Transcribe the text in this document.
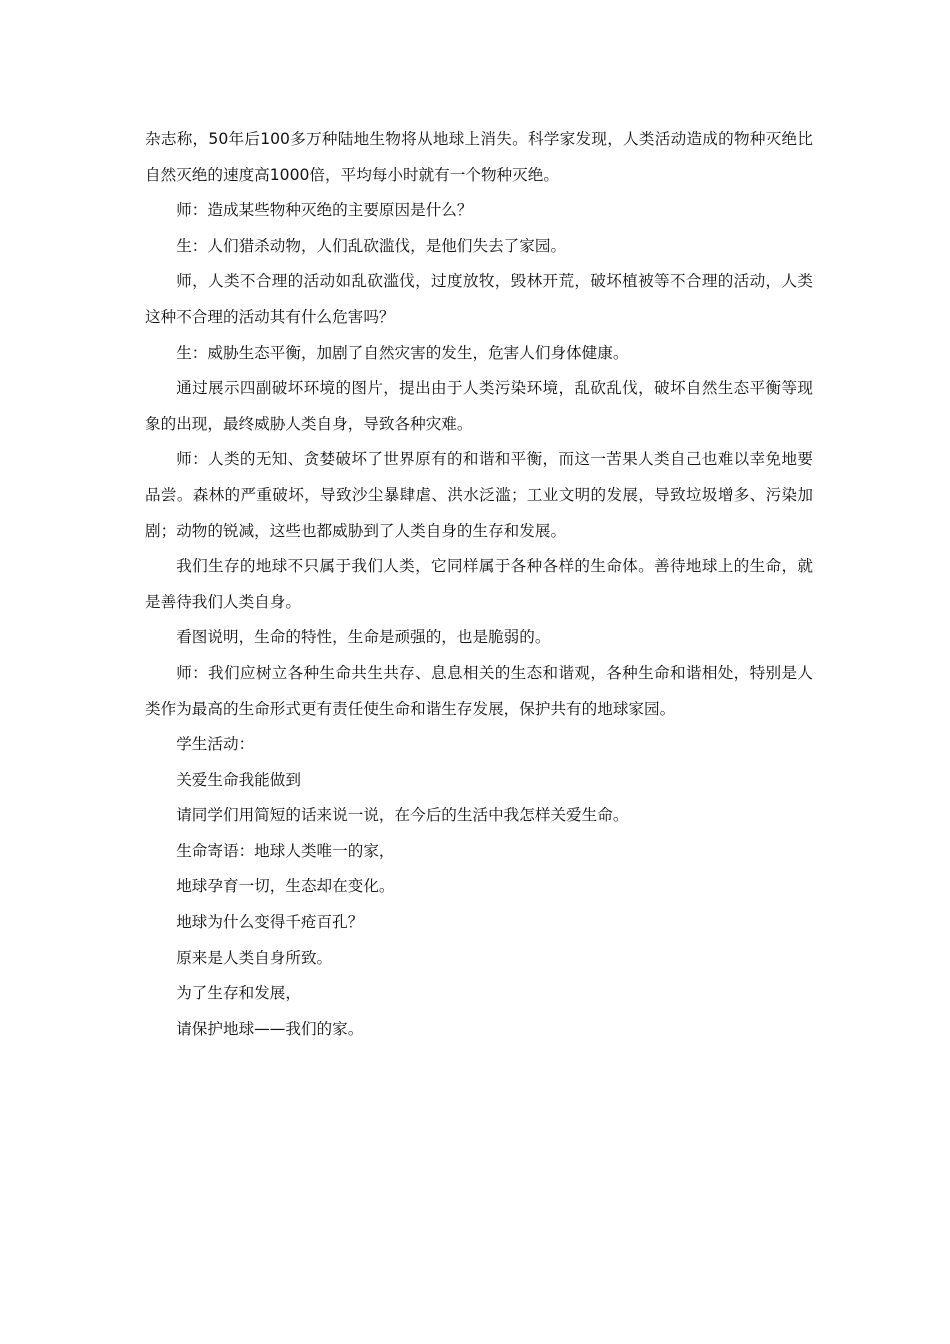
杂志称，50年后100多万种陆地生物将从地球上消失。科学家发现，人类活动造成的物种灭绝比自然灭绝的速度高1000倍，平均每小时就有一个物种灭绝。

师：造成某些物种灭绝的主要原因是什么？

生：人们猎杀动物，人们乱砍滥伐，是他们失去了家园。

师，人类不合理的活动如乱砍滥伐，过度放牧，毁林开荒，破坏植被等不合理的活动，人类这种不合理的活动其有什么危害吗？

生：威胁生态平衡，加剧了自然灾害的发生，危害人们身体健康。

通过展示四副破坏环境的图片，提出由于人类污染环境，乱砍乱伐，破坏自然生态平衡等现象的出现，最终威胁人类自身，导致各种灾难。

师：人类的无知、贪婪破坏了世界原有的和谐和平衡，而这一苦果人类自己也难以幸免地要品尝。森林的严重破坏，导致沙尘暴肆虐、洪水泛滥；工业文明的发展，导致垃圾增多、污染加剧；动物的锐减，这些也都威胁到了人类自身的生存和发展。

我们生存的地球不只属于我们人类，它同样属于各种各样的生命体。善待地球上的生命，就是善待我们人类自身。

看图说明，生命的特性，生命是顽强的，也是脆弱的。

师：我们应树立各种生命共生共存、息息相关的生态和谐观，各种生命和谐相处，特别是人类作为最高的生命形式更有责任使生命和谐生存发展，保护共有的地球家园。

学生活动：

关爱生命我能做到

请同学们用简短的话来说一说，在今后的生活中我怎样关爱生命。

生命寄语：地球人类唯一的家，

地球孕育一切，生态却在变化。

地球为什么变得千疮百孔？

原来是人类自身所致。

为了生存和发展，

请保护地球——我们的家。
